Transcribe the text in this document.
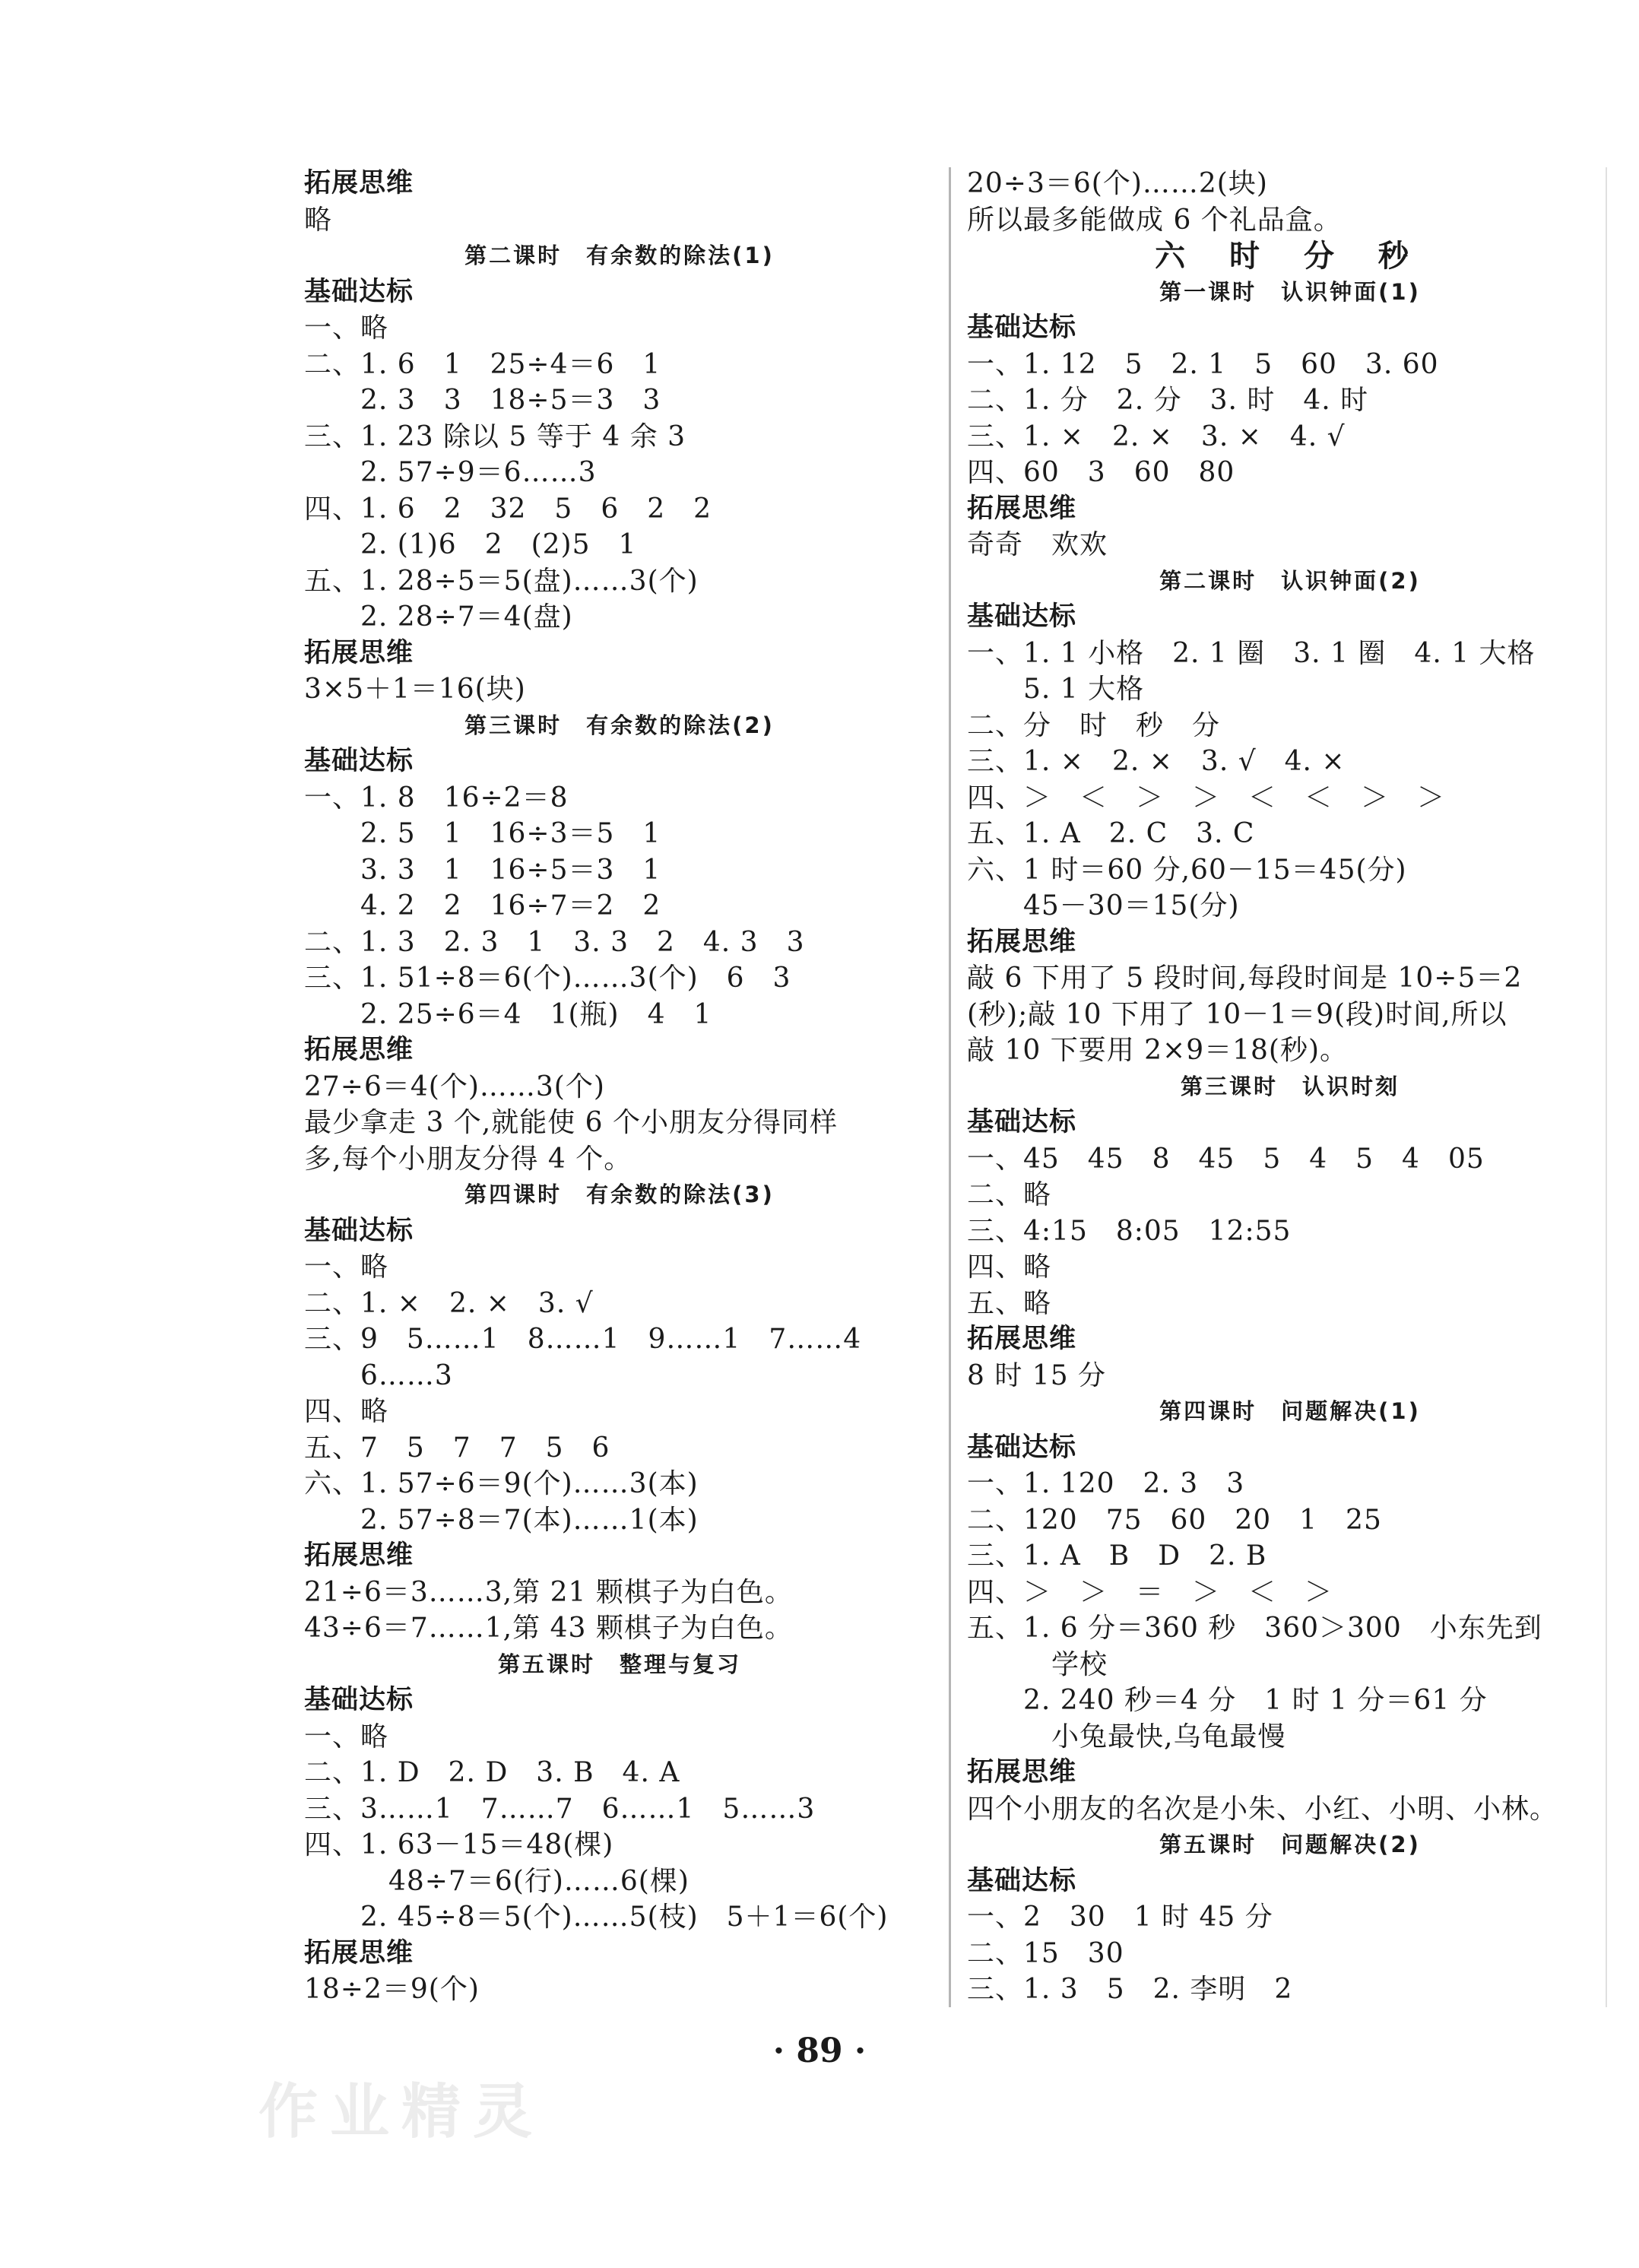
拓展思维
略
第二课时　有余数的除法(1)
基础达标
一、略
二、1. 6　1　25÷4＝6　1
　　2. 3　3　18÷5＝3　3
三、1. 23 除以 5 等于 4 余 3
　　2. 57÷9＝6……3
四、1. 6　2　32　5　6　2　2
　　2. (1)6　2　(2)5　1
五、1. 28÷5＝5(盘)……3(个)
　　2. 28÷7＝4(盘)
拓展思维
3×5＋1＝16(块)
第三课时　有余数的除法(2)
基础达标
一、1. 8　16÷2＝8
　　2. 5　1　16÷3＝5　1
　　3. 3　1　16÷5＝3　1
　　4. 2　2　16÷7＝2　2
二、1. 3　2. 3　1　3. 3　2　4. 3　3
三、1. 51÷8＝6(个)……3(个)　6　3
　　2. 25÷6＝4　1(瓶)　4　1
拓展思维
27÷6＝4(个)……3(个)
最少拿走 3 个,就能使 6 个小朋友分得同样
多,每个小朋友分得 4 个。
第四课时　有余数的除法(3)
基础达标
一、略
二、1. ×　2. ×　3. √
三、9　5……1　8……1　9……1　7……4
　　6……3
四、略
五、7　5　7　7　5　6
六、1. 57÷6＝9(个)……3(本)
　　2. 57÷8＝7(本)……1(本)
拓展思维
21÷6＝3……3,第 21 颗棋子为白色。
43÷6＝7……1,第 43 颗棋子为白色。
第五课时　整理与复习
基础达标
一、略
二、1. D　2. D　3. B　4. A
三、3……1　7……7　6……1　5……3
四、1. 63－15＝48(棵)
　　　48÷7＝6(行)……6(棵)
　　2. 45÷8＝5(个)……5(枝)　5＋1＝6(个)
拓展思维
18÷2＝9(个)
20÷3＝6(个)……2(块)
所以最多能做成 6 个礼品盒。
六 时 分 秒
第一课时　认识钟面(1)
基础达标
一、1. 12　5　2. 1　5　60　3. 60
二、1. 分　2. 分　3. 时　4. 时
三、1. ×　2. ×　3. ×　4. √
四、60　3　60　80
拓展思维
奇奇　欢欢
第二课时　认识钟面(2)
基础达标
一、1. 1 小格　2. 1 圈　3. 1 圈　4. 1 大格
　　5. 1 大格
二、分　时　秒　分
三、1. ×　2. ×　3. √　4. ×
四、＞　＜　＞　＞　＜　＜　＞　＞
五、1. A　2. C　3. C
六、1 时＝60 分,60－15＝45(分)
　　45－30＝15(分)
拓展思维
敲 6 下用了 5 段时间,每段时间是 10÷5＝2
(秒);敲 10 下用了 10－1＝9(段)时间,所以
敲 10 下要用 2×9＝18(秒)。
第三课时　认识时刻
基础达标
一、45　45　8　45　5　4　5　4　05
二、略
三、4:15　8:05　12:55
四、略
五、略
拓展思维
8 时 15 分
第四课时　问题解决(1)
基础达标
一、1. 120　2. 3　3
二、120　75　60　20　1　25
三、1. A　B　D　2. B
四、＞　＞　＝　＞　＜　＞
五、1. 6 分＝360 秒　360＞300　小东先到
　　　学校
　　2. 240 秒＝4 分　1 时 1 分＝61 分
　　　小兔最快,乌龟最慢
拓展思维
四个小朋友的名次是小朱、小红、小明、小林。
第五课时　问题解决(2)
基础达标
一、2　30　1 时 45 分
二、15　30
三、1. 3　5　2. 李明　2
· 89 ·
作业精灵
